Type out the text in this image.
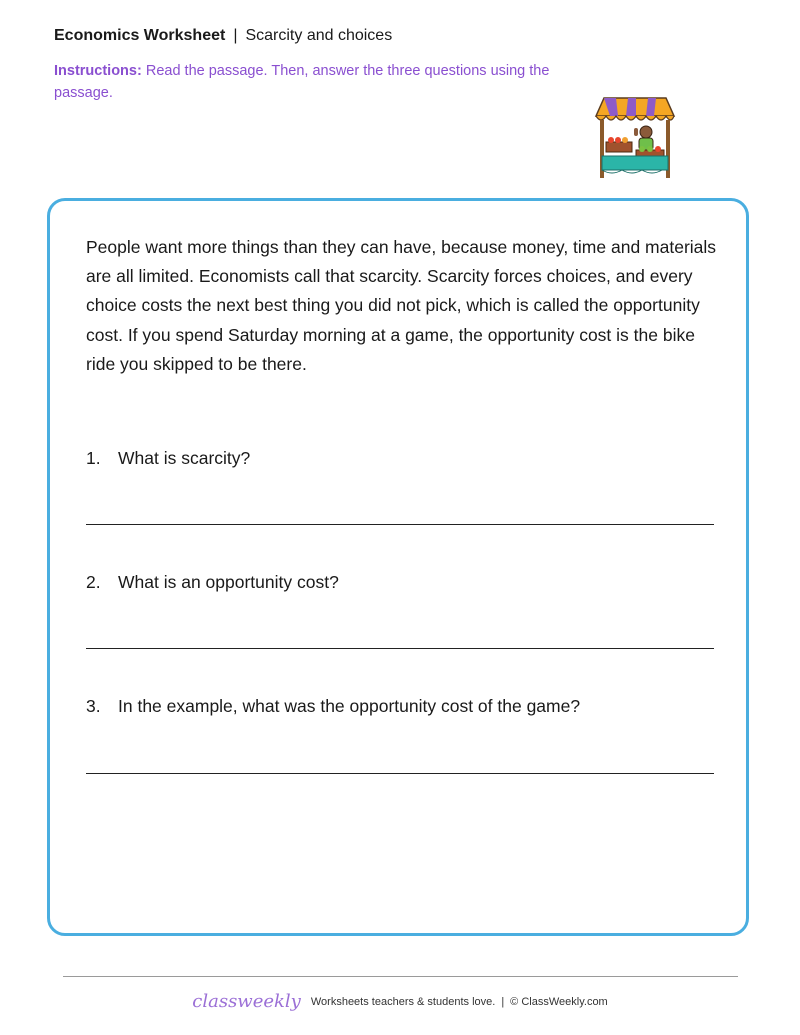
Economics Worksheet | Scarcity and choices
Instructions: Read the passage. Then, answer the three questions using the passage.

People want more things than they can have, because money, time and materials are all limited. Economists call that scarcity. Scarcity forces choices, and every choice costs the next best thing you did not pick, which is called the opportunity cost. If you spend Saturday morning at a game, the opportunity cost is the bike ride you skipped to be there.

1. What is scarcity?
2. What is an opportunity cost?
3. In the example, what was the opportunity cost of the game?
classweekly Worksheets teachers & students love. | © ClassWeekly.com
